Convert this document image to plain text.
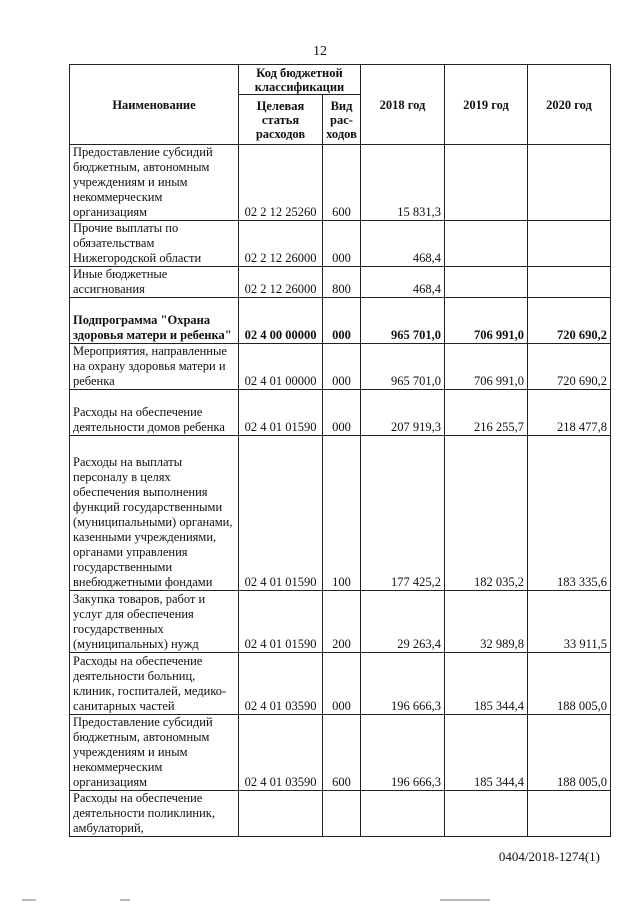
12
Наименование	Код бюджетной классификации		2018 год	2019 год	2020 год
	Целевая статья расходов	Вид рас-ходов			
Предоставление субсидий бюджетным, автономным учреждениям и иным некоммерческим организациям	02 2 12 25260	600	15 831,3		
Прочие выплаты по обязательствам Нижегородской области	02 2 12 26000	000	468,4		
Иные бюджетные ассигнования	02 2 12 26000	800	468,4		
Подпрограмма "Охрана здоровья матери и ребенка"	02 4 00 00000	000	965 701,0	706 991,0	720 690,2
Мероприятия, направленные на охрану здоровья матери и ребенка	02 4 01 00000	000	965 701,0	706 991,0	720 690,2
Расходы на обеспечение деятельности домов ребенка	02 4 01 01590	000	207 919,3	216 255,7	218 477,8
Расходы на выплаты персоналу в целях обеспечения выполнения функций государственными (муниципальными) органами, казенными учреждениями, органами управления государственными внебюджетными фондами	02 4 01 01590	100	177 425,2	182 035,2	183 335,6
Закупка товаров, работ и услуг для обеспечения государственных (муниципальных) нужд	02 4 01 01590	200	29 263,4	32 989,8	33 911,5
Расходы на обеспечение деятельности больниц, клиник, госпиталей, медико-санитарных частей	02 4 01 03590	000	196 666,3	185 344,4	188 005,0
Предоставление субсидий бюджетным, автономным учреждениям и иным некоммерческим организациям	02 4 01 03590	600	196 666,3	185 344,4	188 005,0
Расходы на обеспечение деятельности поликлиник, амбулаторий,					
0404/2018-1274(1)
